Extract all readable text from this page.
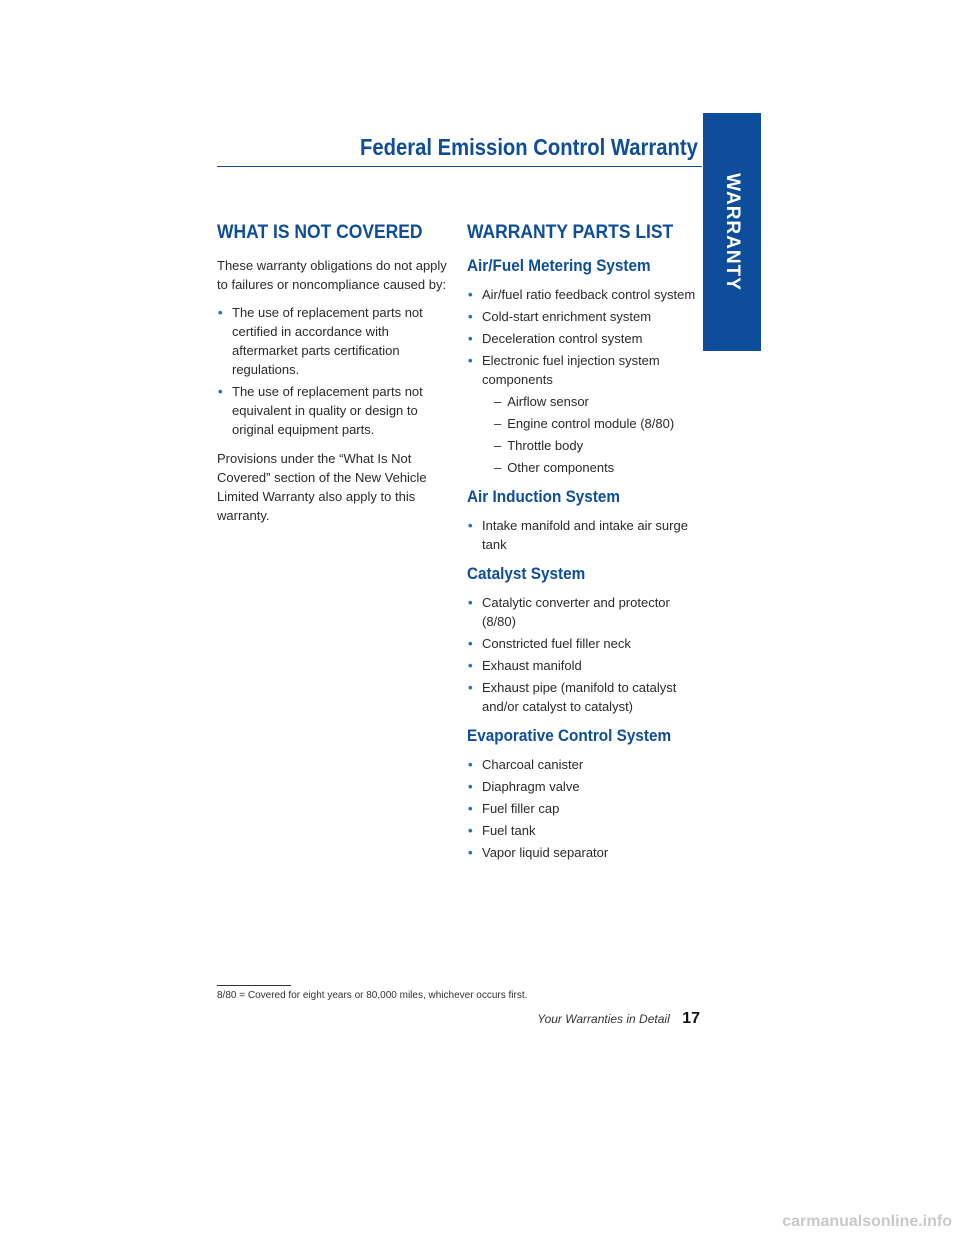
Federal Emission Control Warranty
WARRANTY
WHAT IS NOT COVERED

These warranty obligations do not apply to failures or noncompliance caused by:

• The use of replacement parts not certified in accordance with aftermarket parts certification regulations.
• The use of replacement parts not equivalent in quality or design to original equipment parts.

Provisions under the “What Is Not Covered” section of the New Vehicle Limited Warranty also apply to this warranty.

WARRANTY PARTS LIST
Air/Fuel Metering System
• Air/fuel ratio feedback control system
• Cold-start enrichment system
• Deceleration control system
• Electronic fuel injection system components
– Airflow sensor
– Engine control module (8/80)
– Throttle body
– Other components
Air Induction System
• Intake manifold and intake air surge tank
Catalyst System
• Catalytic converter and protector (8/80)
• Constricted fuel filler neck
• Exhaust manifold
• Exhaust pipe (manifold to catalyst and/or catalyst to catalyst)
Evaporative Control System
• Charcoal canister
• Diaphragm valve
• Fuel filler cap
• Fuel tank
• Vapor liquid separator
8/80 = Covered for eight years or 80,000 miles, whichever occurs first.
Your Warranties in Detail 17
carmanualsonline.info
